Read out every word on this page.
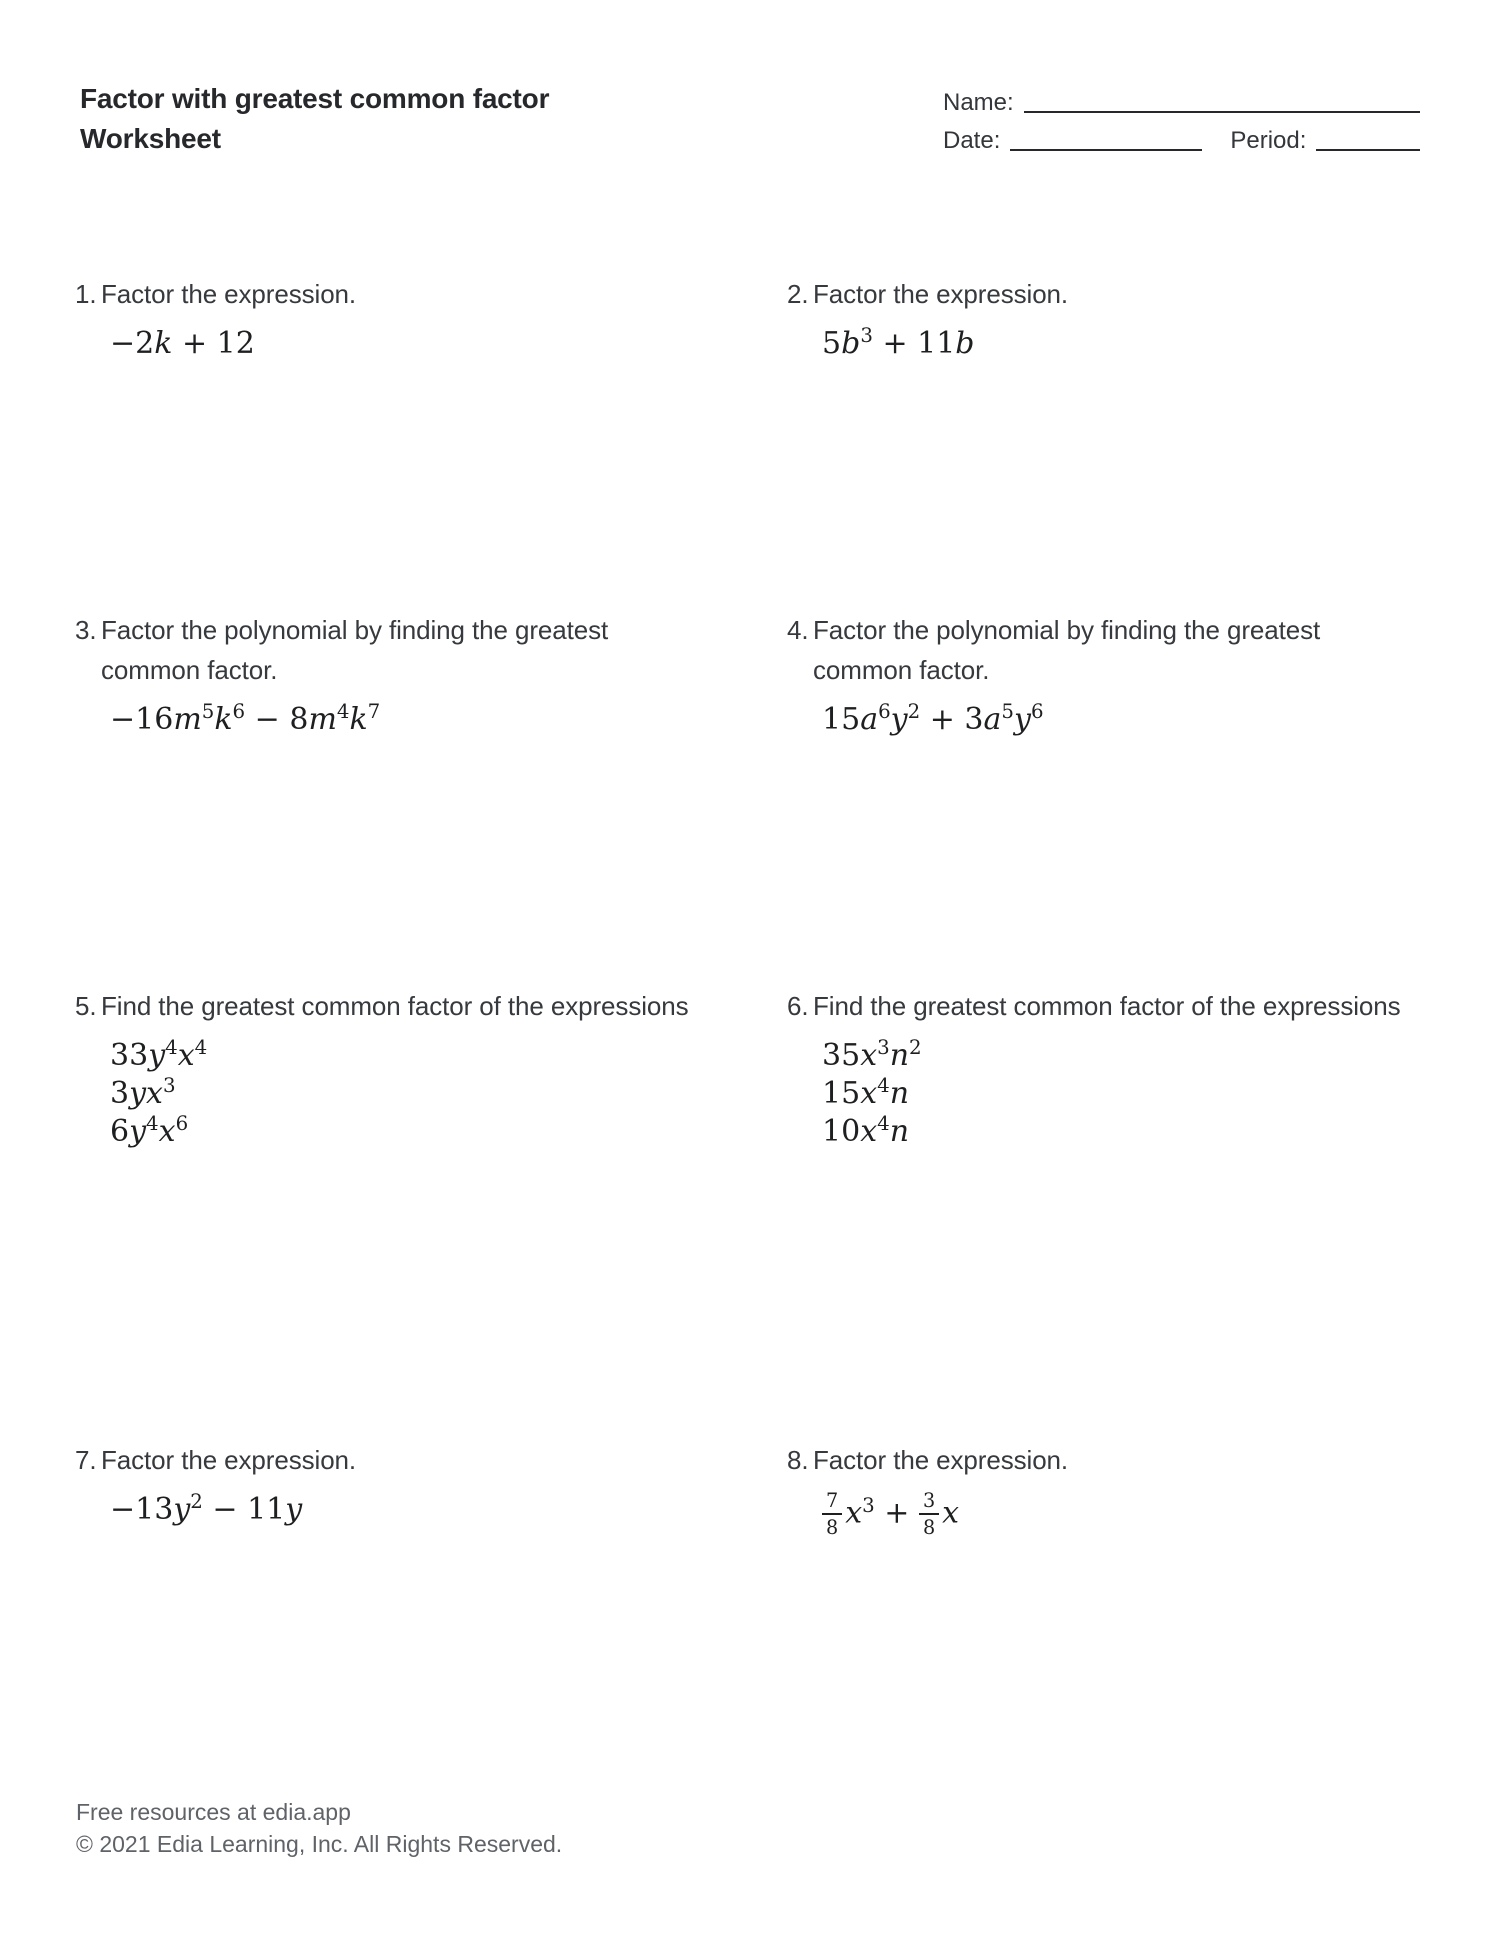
Factor with greatest common factor
Worksheet
Name:
Date:	Period:

1. Factor the expression.

−2k + 12

2. Factor the expression.

$5b^3 + 11b$

3. Factor the polynomial by finding the greatest common factor.

$-16m^5k^6 - 8m^4k^7$

4. Factor the polynomial by finding the greatest common factor.

$15a^6y^2 + 3a^5y^6$

5. Find the greatest common factor of the expressions

$33y^4x^4$
$3yx^3$
$6y^4x^6$

6. Find the greatest common factor of the expressions

$35x^3n^2$
$15x^4n$
$10x^4n$

7. Factor the expression.

$-13y^2 - 11y$

8. Factor the expression.

$\frac{7}{8} x^3 + \frac{3}{8}$ x
Free resources at edia.app
© 2021 Edia Learning, Inc. All Rights Reserved.
